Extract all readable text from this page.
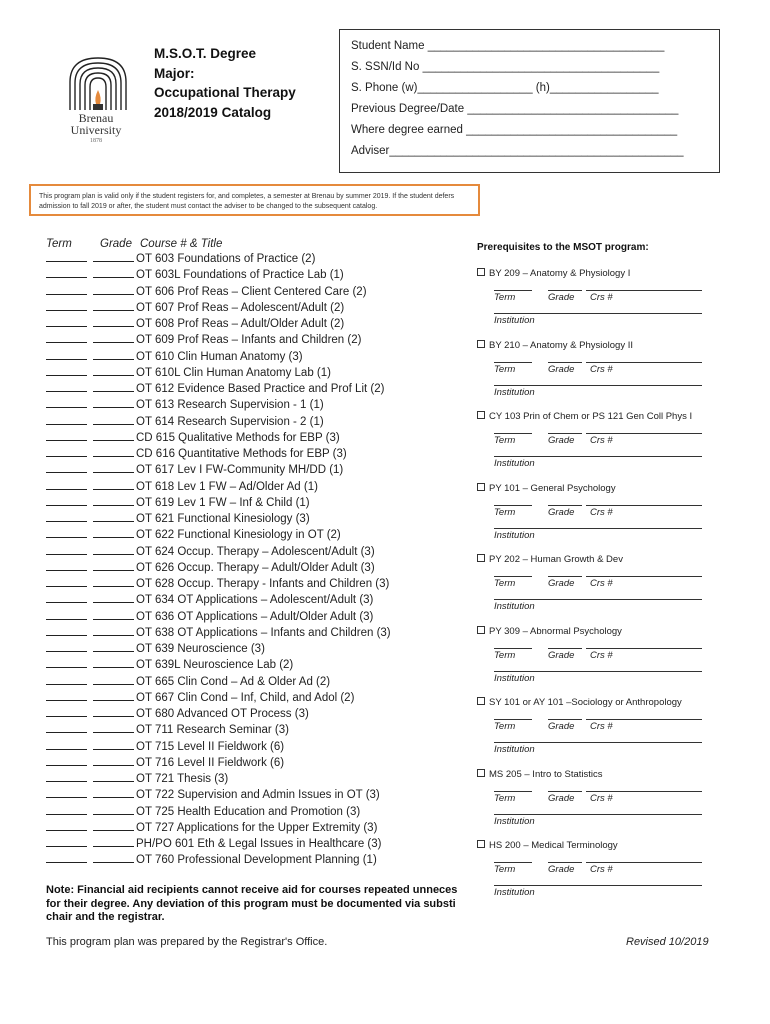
Brenau
University
1878
M.S.O.T. Degree
Major:
Occupational Therapy
2018/2019 Catalog
Student Name _____________________________________
S. SSN/Id No _____________________________________
S. Phone (w)__________________ (h)_________________
Previous Degree/Date _________________________________
Where degree earned _________________________________
Adviser______________________________________________
This program plan is valid only if the student registers for, and completes, a semester at Brenau by summer 2019. If the student defers admission to fall 2019 or after, the student must contact the adviser to be changed to the subsequent catalog.
Term Grade Course # & Title
OT 603 Foundations of Practice (2)
OT 603L Foundations of Practice Lab (1)
OT 606 Prof Reas – Client Centered Care (2)
OT 607 Prof Reas – Adolescent/Adult (2)
OT 608 Prof Reas – Adult/Older Adult (2)
OT 609 Prof Reas – Infants and Children (2)
OT 610 Clin Human Anatomy (3)
OT 610L Clin Human Anatomy Lab (1)
OT 612 Evidence Based Practice and Prof Lit (2)
OT 613 Research Supervision - 1 (1)
OT 614 Research Supervision - 2 (1)
CD 615 Qualitative Methods for EBP (3)
CD 616 Quantitative Methods for EBP (3)
OT 617 Lev I FW-Community MH/DD (1)
OT 618 Lev 1 FW – Ad/Older Ad (1)
OT 619 Lev 1 FW – Inf & Child (1)
OT 621 Functional Kinesiology (3)
OT 622 Functional Kinesiology in OT (2)
OT 624 Occup. Therapy – Adolescent/Adult (3)
OT 626 Occup. Therapy – Adult/Older Adult (3)
OT 628 Occup. Therapy - Infants and Children (3)
OT 634 OT Applications – Adolescent/Adult (3)
OT 636 OT Applications – Adult/Older Adult (3)
OT 638 OT Applications – Infants and Children (3)
OT 639 Neuroscience (3)
OT 639L Neuroscience Lab (2)
OT 665 Clin Cond – Ad & Older Ad (2)
OT 667 Clin Cond – Inf, Child, and Adol (2)
OT 680 Advanced OT Process (3)
OT 711 Research Seminar (3)
OT 715 Level II Fieldwork (6)
OT 716 Level II Fieldwork (6)
OT 721 Thesis (3)
OT 722 Supervision and Admin Issues in OT (3)
OT 725 Health Education and Promotion (3)
OT 727 Applications for the Upper Extremity (3)
PH/PO 601 Eth & Legal Issues in Healthcare (3)
OT 760 Professional Development Planning (1)
Prerequisites to the MSOT program:
BY 209 – Anatomy & Physiology I
Term	Grade Crs #
Institution
BY 210 – Anatomy & Physiology II
Term	Grade Crs #
Institution
CY 103 Prin of Chem or PS 121 Gen Coll Phys I
Term	Grade Crs #
Institution
PY 101 – General Psychology
Term	Grade Crs #
Institution
PY 202 – Human Growth & Dev
Term	Grade Crs #
Institution
PY 309 – Abnormal Psychology
Term	Grade Crs #
Institution
SY 101 or AY 101 –Sociology or Anthropology
Term	Grade Crs #
Institution
MS 205 – Intro to Statistics
Term	Grade Crs #
Institution
HS 200 – Medical Terminology
Term	Grade Crs #
Institution
Note: Financial aid recipients cannot receive aid for courses repeated unneces
for their degree. Any deviation of this program must be documented via substi
chair and the registrar.
This program plan was prepared by the Registrar's Office.	Revised 10/2019
